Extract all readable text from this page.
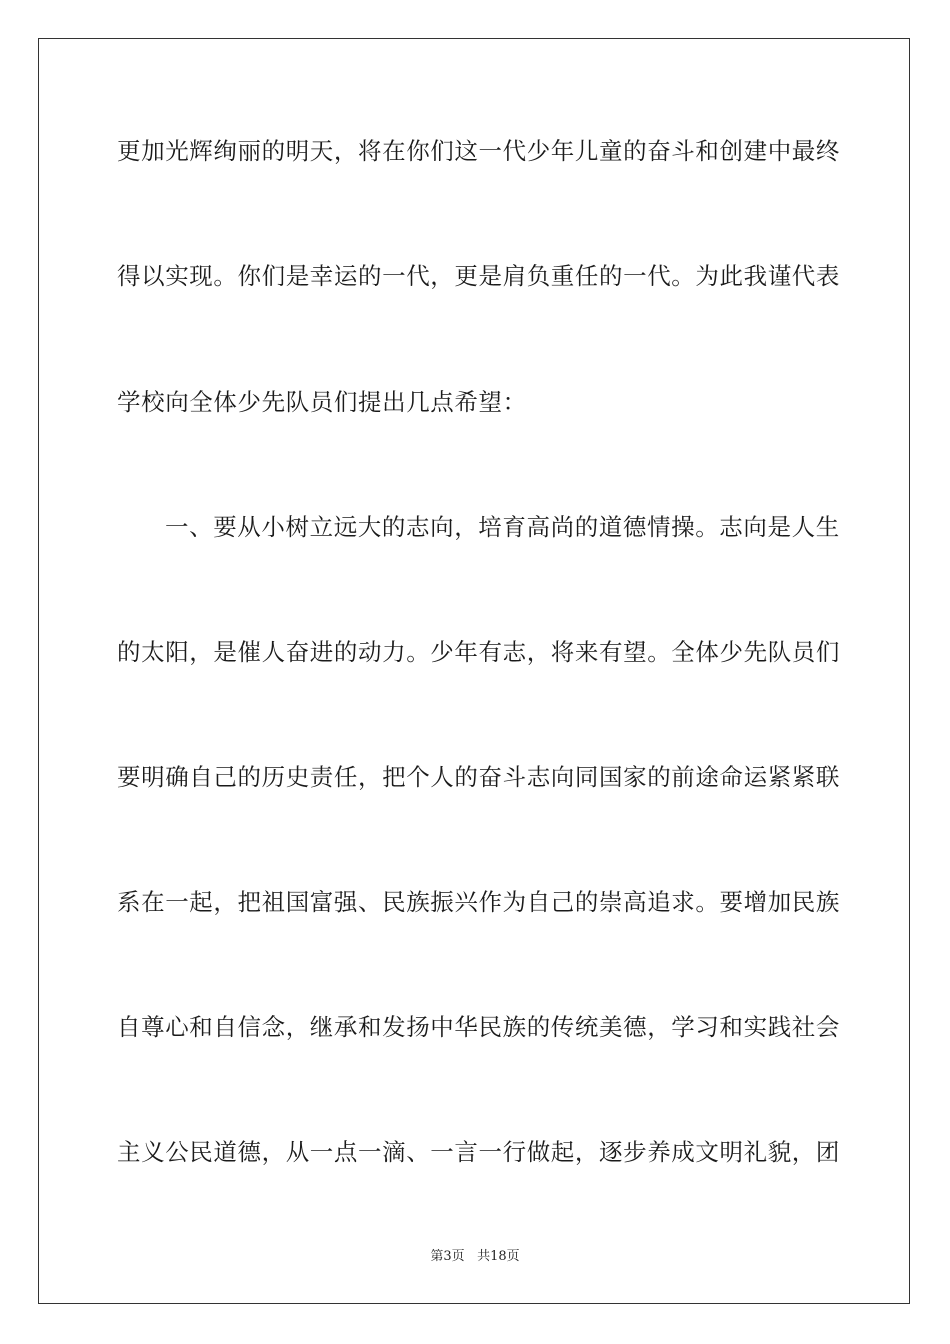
更加光辉绚丽的明天，将在你们这一代少年儿童的奋斗和创建中最终
得以实现。你们是幸运的一代，更是肩负重任的一代。为此我谨代表
学校向全体少先队员们提出几点希望：
一、要从小树立远大的志向，培育高尚的道德情操。志向是人生
的太阳，是催人奋进的动力。少年有志，将来有望。全体少先队员们
要明确自己的历史责任，把个人的奋斗志向同国家的前途命运紧紧联
系在一起，把祖国富强、民族振兴作为自己的崇高追求。要增加民族
自尊心和自信念，继承和发扬中华民族的传统美德，学习和实践社会
主义公民道德，从一点一滴、一言一行做起，逐步养成文明礼貌，团
第3页 共18页
